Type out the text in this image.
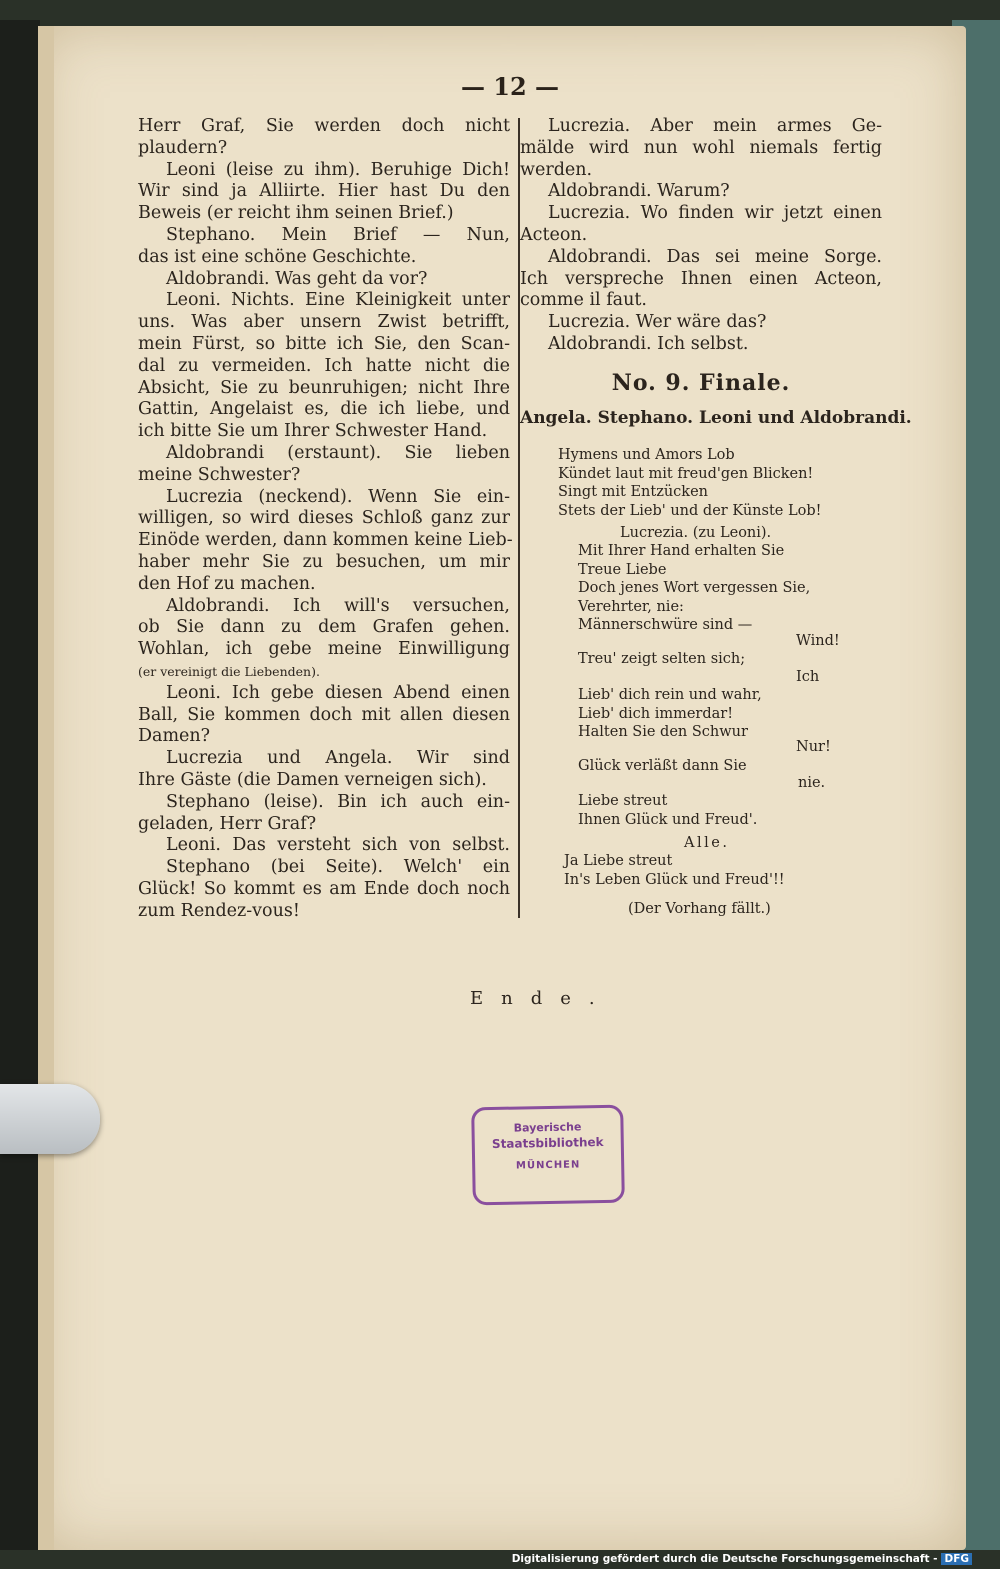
— 12 —
Herr Graf, Sie werden doch nicht
plaudern?
Leoni (leise zu ihm). Beruhige Dich!
Wir sind ja Alliirte. Hier hast Du den
Beweis (er reicht ihm seinen Brief.)
Stephano. Mein Brief — Nun,
das ist eine schöne Geschichte.
Aldobrandi. Was geht da vor?
Leoni. Nichts. Eine Kleinigkeit unter
uns. Was aber unsern Zwist betrifft,
mein Fürst, so bitte ich Sie, den Scan-
dal zu vermeiden. Ich hatte nicht die
Absicht, Sie zu beunruhigen; nicht Ihre
Gattin, Angelaist es, die ich liebe, und
ich bitte Sie um Ihrer Schwester Hand.
Aldobrandi (erstaunt). Sie lieben
meine Schwester?
Lucrezia (neckend). Wenn Sie ein-
willigen, so wird dieses Schloß ganz zur
Einöde werden, dann kommen keine Lieb-
haber mehr Sie zu besuchen, um mir
den Hof zu machen.
Aldobrandi. Ich will's versuchen,
ob Sie dann zu dem Grafen gehen.
Wohlan, ich gebe meine Einwilligung
(er vereinigt die Liebenden).
Leoni. Ich gebe diesen Abend einen
Ball, Sie kommen doch mit allen diesen
Damen?
Lucrezia und Angela. Wir sind
Ihre Gäste (die Damen verneigen sich).
Stephano (leise). Bin ich auch ein-
geladen, Herr Graf?
Leoni. Das versteht sich von selbst.
Stephano (bei Seite). Welch' ein
Glück! So kommt es am Ende doch noch
zum Rendez-vous!
Lucrezia. Aber mein armes Ge-
mälde wird nun wohl niemals fertig
werden.
Aldobrandi. Warum?
Lucrezia. Wo finden wir jetzt einen
Acteon.
Aldobrandi. Das sei meine Sorge.
Ich verspreche Ihnen einen Acteon,
comme il faut.
Lucrezia. Wer wäre das?
Aldobrandi. Ich selbst.
No. 9. Finale.
Angela. Stephano. Leoni und Aldobrandi.
Hymens und Amors Lob
Kündet laut mit freud'gen Blicken!
Singt mit Entzücken
Stets der Lieb' und der Künste Lob!
Lucrezia. (zu Leoni).
Mit Ihrer Hand erhalten Sie
Treue Liebe
Doch jenes Wort vergessen Sie,
Verehrter, nie:
Männerschwüre sind —
Wind!
Treu' zeigt selten sich;
Ich
Lieb' dich rein und wahr,
Lieb' dich immerdar!
Halten Sie den Schwur
Nur!
Glück verläßt dann Sie
nie.
Liebe streut
Ihnen Glück und Freud'.
Alle.
Ja Liebe streut
In's Leben Glück und Freud'!!
(Der Vorhang fällt.)
Ende.
Bayerische
Staatsbibliothek
MÜNCHEN
Digitalisierung gefördert durch die Deutsche Forschungsgemeinschaft - DFG
